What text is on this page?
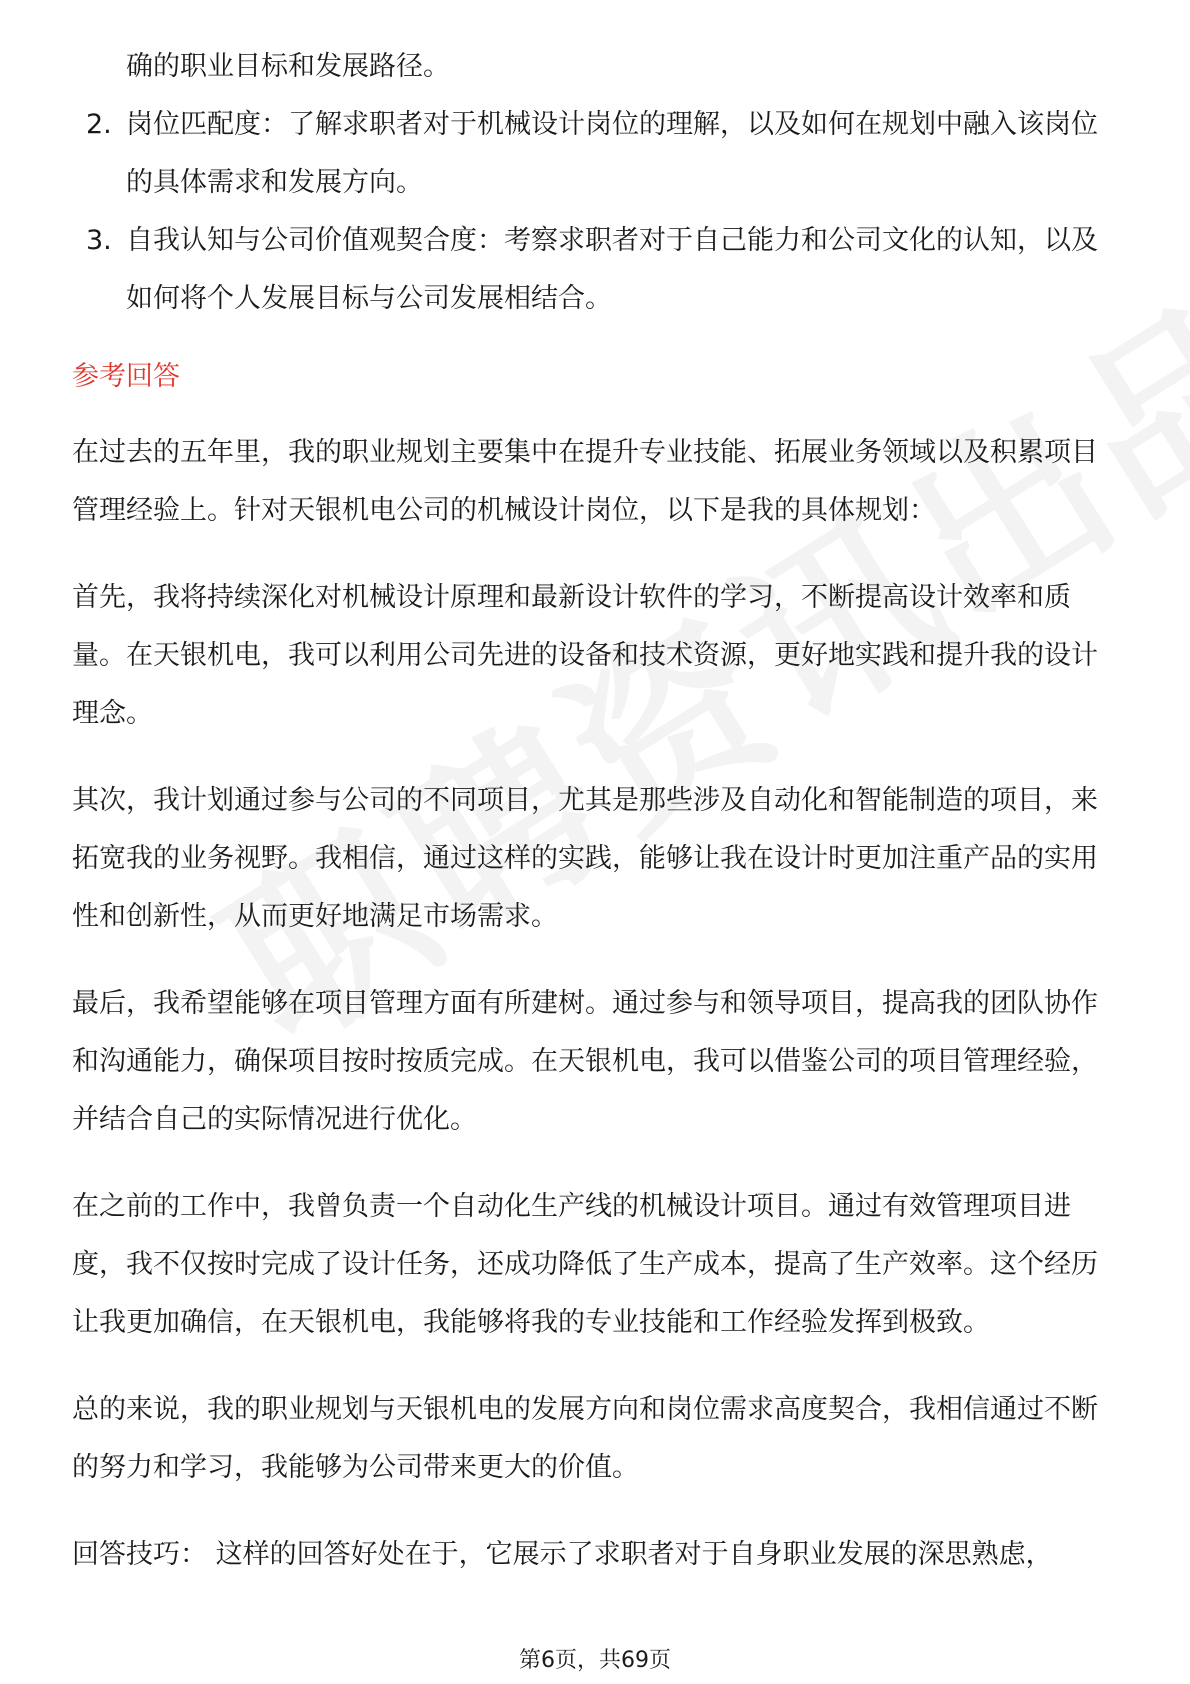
确的职业目标和发展路径。

2. 岗位匹配度：了解求职者对于机械设计岗位的理解，以及如何在规划中融入该岗位的具体需求和发展方向。
3. 自我认知与公司价值观契合度：考察求职者对于自己能力和公司文化的认知，以及如何将个人发展目标与公司发展相结合。
参考回答

在过去的五年里，我的职业规划主要集中在提升专业技能、拓展业务领域以及积累项目管理经验上。针对天银机电公司的机械设计岗位，以下是我的具体规划：

首先，我将持续深化对机械设计原理和最新设计软件的学习，不断提高设计效率和质量。在天银机电，我可以利用公司先进的设备和技术资源，更好地实践和提升我的设计理念。

其次，我计划通过参与公司的不同项目，尤其是那些涉及自动化和智能制造的项目，来拓宽我的业务视野。我相信，通过这样的实践，能够让我在设计时更加注重产品的实用性和创新性，从而更好地满足市场需求。

最后，我希望能够在项目管理方面有所建树。通过参与和领导项目，提高我的团队协作和沟通能力，确保项目按时按质完成。在天银机电，我可以借鉴公司的项目管理经验，并结合自己的实际情况进行优化。

在之前的工作中，我曾负责一个自动化生产线的机械设计项目。通过有效管理项目进度，我不仅按时完成了设计任务，还成功降低了生产成本，提高了生产效率。这个经历让我更加确信，在天银机电，我能够将我的专业技能和工作经验发挥到极致。

总的来说，我的职业规划与天银机电的发展方向和岗位需求高度契合，我相信通过不断的努力和学习，我能够为公司带来更大的价值。

回答技巧： 这样的回答好处在于，它展示了求职者对于自身职业发展的深思熟虑，

第6页，共69页
